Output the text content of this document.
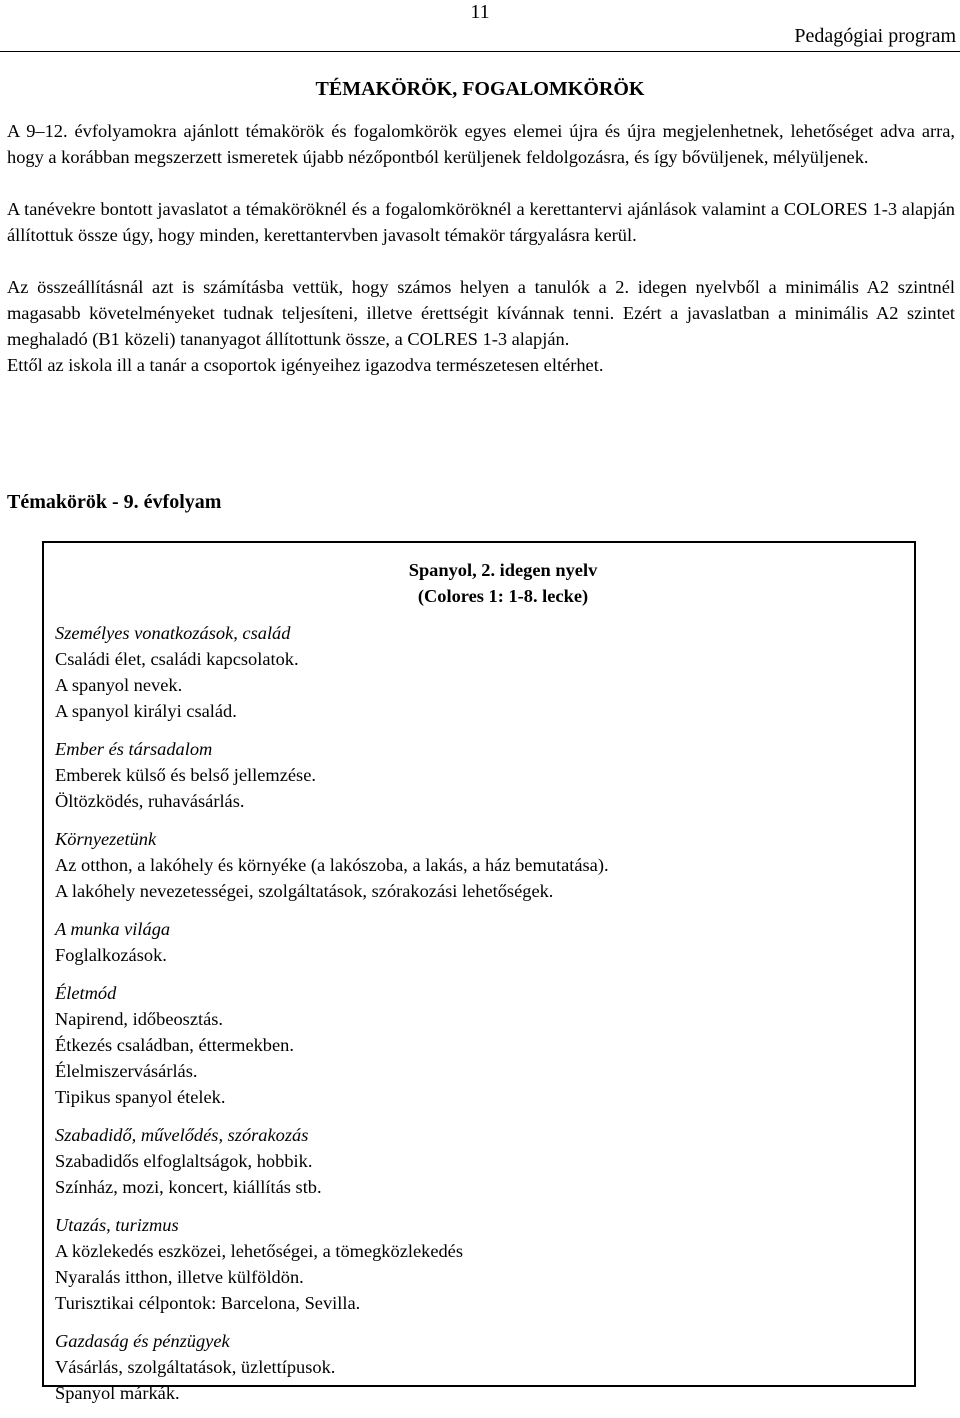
11
Pedagógiai program
TÉMAKÖRÖK, FOGALOMKÖRÖK

A 9–12. évfolyamokra ajánlott témakörök és fogalomkörök egyes elemei újra és újra megjelenhetnek, lehetőséget adva arra, hogy a korábban megszerzett ismeretek újabb nézőpontból kerüljenek feldolgozásra, és így bővüljenek, mélyüljenek.

A tanévekre bontott javaslatot a témaköröknél és a fogalomköröknél a kerettantervi ajánlások valamint a COLORES 1-3 alapján állítottuk össze úgy, hogy minden, kerettantervben javasolt témakör tárgyalásra kerül.

Az összeállításnál azt is számításba vettük, hogy számos helyen a tanulók a 2. idegen nyelvből a minimális A2 szintnél magasabb követelményeket tudnak teljesíteni, illetve érettségit kívánnak tenni. Ezért a javaslatban a minimális A2 szintet meghaladó (B1 közeli) tananyagot állítottunk össze, a COLRES 1-3 alapján.

Ettől az iskola ill a tanár a csoportok igényeihez igazodva természetesen eltérhet.

Témakörök - 9. évfolyam
Spanyol, 2. idegen nyelv
(Colores 1: 1-8. lecke)
Személyes vonatkozások, család
Családi élet, családi kapcsolatok.
A spanyol nevek.
A spanyol királyi család.
Ember és társadalom
Emberek külső és belső jellemzése.
Öltözködés, ruhavásárlás.
Környezetünk
Az otthon, a lakóhely és környéke (a lakószoba, a lakás, a ház bemutatása).
A lakóhely nevezetességei, szolgáltatások, szórakozási lehetőségek.
A munka világa
Foglalkozások.
Életmód
Napirend, időbeosztás.
Étkezés családban, éttermekben.
Élelmiszervásárlás.
Tipikus spanyol ételek.
Szabadidő, művelődés, szórakozás
Szabadidős elfoglaltságok, hobbik.
Színház, mozi, koncert, kiállítás stb.
Utazás, turizmus
A közlekedés eszközei, lehetőségei, a tömegközlekedés
Nyaralás itthon, illetve külföldön.
Turisztikai célpontok: Barcelona, Sevilla.
Gazdaság és pénzügyek
Vásárlás, szolgáltatások, üzlettípusok.
Spanyol márkák.
